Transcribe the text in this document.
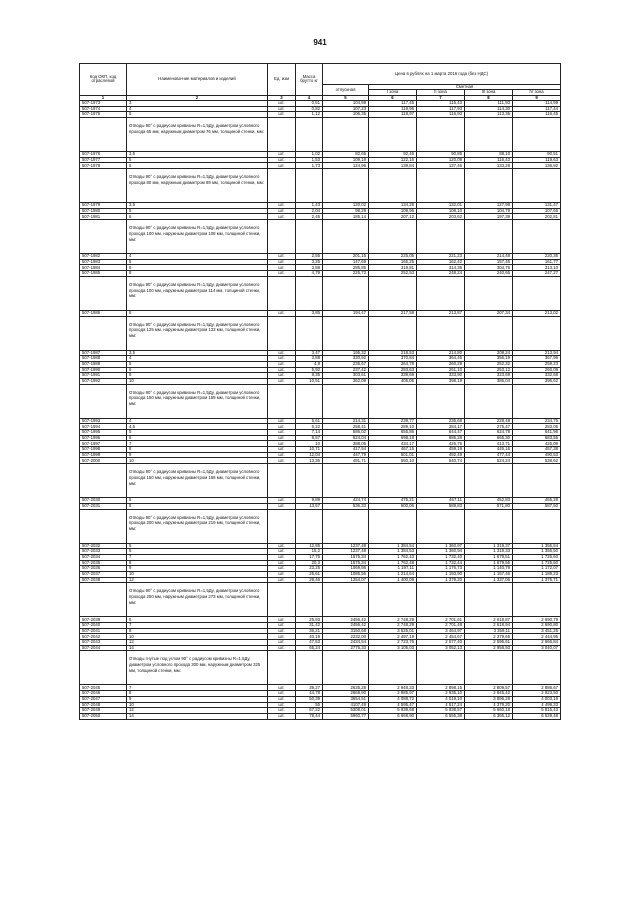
941
Код ОКП, код отраслевой	Наименова-ние материалов и изделий	Ед. изм	Масса брутто кг	Цена в рублях на 1 марта 2016 года (без НДС)				
				отпускная	Сметная			
					I зона	II зона	III зона	IV зона
1	2	3	4	5	6	7	8	9
507-1973	3	шт.	0,51	104,98	117,45	115,43	111,93	114,99
507-1974	4	шт.	0,82	107,23	119,96	117,93	114,30	117,44
507-1975	5	шт.	1,12	106,35	118,97	116,93	113,36	116,45
	Отводы 90° с радиусом кривизны R=1,5Ду, диаметром условного прохода 65 мм, наружным диаметром 76 мм, толщиной стенки, мм:							
507-1976	3,5	шт.	1,02	82,65	92,46	90,85	88,10	90,51
507-1977	5	шт.	1,53	109,19	122,16	120,09	116,43	119,63
507-1978	6	шт.	1,73	124,96	139,84	137,46	133,28	136,92
	Отводы 90° с радиусом кривизны R=1,5Ду, диаметром условного прохода 80 мм, наружным диаметром 89 мм, толщиной стенки, мм:							
507-1979	3,5	шт.	1,43	120,02	134,28	132,01	127,98	131,47
507-1980	5	шт.	2,04	98,29	109,96	108,10	104,79	107,66
507-1981	6	шт.	2,45	185,14	207,12	203,62	197,39	202,81
	Отводы 90° с радиусом кривизны R=1,5Ду, диаметром условного прохода 100 мм, наружным диаметром 108 мм, толщиной стенки, мм:							
507-1982	4	шт.	2,55	201,15	225,05	221,23	214,48	220,36
507-1983	5	шт.	3,26	147,69	165,25	162,42	157,45	161,77
507-1984	6	шт.	3,88	285,85	319,81	314,36	304,76	313,10
507-1985	8	шт.	4,79	225,73	252,53	248,24	240,65	247,27
	Отводы 90° с радиусом кривизны R=1,5Ду, диаметром условного прохода 100 мм, наружным диаметром 114 мм, толщиной стенки, мм:							
507-1986	6	шт.	3,85	194,47	217,58	213,87	207,34	213,02
	Отводы 90° с радиусом кривизны R=1,5Ду, диаметром условного прохода 125 мм, наружным диаметром 133 мм, толщиной стенки, мм:							
507-1987	3,5	шт.	3,47	195,32	218,53	214,80	208,24	213,94
507-1988	4	шт.	3,88	330,92	370,84	364,45	356,19	367,99
507-1989	5	шт.	4,9	236,67	264,78	260,29	252,32	259,23
507-1990	6	шт.	5,92	237,42	283,63	261,10	253,12	260,09
507-1991	8	шт.	8,35	303,61	339,69	333,90	323,69	332,68
507-1992	10	шт.	10,51	362,09	405,05	398,19	386,04	396,62
	Отводы 90° с радиусом кривизны R=1,5Ду, диаметром условного прохода 150 мм, наружным диаметром 159 мм, толщиной стенки, мм:							
507-1993	4	шт.	5,61	214,31	239,77	235,68	228,48	234,75
507-1994	4,5	шт.	6,22	258,41	289,10	284,17	275,47	283,05
507-1995	5	шт.	7,14	586,02	655,86	644,47	624,78	641,96
507-1996	6	шт.	8,57	624,04	698,18	686,28	665,30	683,55
507-1997	7	шт.	10	388,05	434,17	426,75	413,71	425,09
507-1998	8	шт.	10,71	417,54	467,15	459,19	445,16	457,38
507-1999	9	шт.	12,04	447,79	501,01	492,49	477,44	490,53
507-2000	10	шт.	13,36	491,71	550,10	540,74	524,24	538,62
	Отводы 90° с радиусом кривизны R=1,5Ду, диаметром условного прохода 150 мм, наружным диаметром 168 мм, толщиной стенки, мм:							
507-2030	6	шт.	9,89	424,74	475,21	467,11	452,83	465,28
507-2031	8	шт.	13,57	536,33	600,06	589,83	571,80	587,50
	Отводы 90° с радиусом кривизны R=1,5Ду, диаметром условного прохода 200 мм, наружным диаметром 219 мм, толщиной стенки, мм:							
507-2032	5	шт.	12,85	1237,48	1 384,54	1 360,97	1 319,37	1 355,54
507-2033	6	шт.	15,2	1237,48	1 384,53	1 360,94	1 319,33	1 355,50
507-2034	7	шт.	17,75	1575,34	1 762,43	1 732,40	1 679,51	1 725,60
507-2035	8	шт.	20,3	1575,34	1 762,48	1 732,44	1 679,55	1 725,60
507-2036	9	шт.	23,25	1069,86	1 197,11	1 176,73	1 140,79	1 172,07
507-2037	10	шт.	25,61	1085,56	1 214,64	1 193,90	1 157,46	1 189,23
507-2038	12	шт.	29,46	1254,07	1 400,09	1 379,20	1 337,06	1 375,71
	Отводы 90° с радиусом кривизны R=1,5Ду, диаметром условного прохода 250 мм, наружным диаметром 273 мм, толщиной стенки, мм:							
507-2039	6	шт.	25,93	2456,42	2 748,29	2 701,61	2 618,87	2 690,79
507-2040	7	шт.	31,42	2456,42	2 748,29	2 701,48	2 618,94	2 690,80
507-2041	8	шт.	36,21	3150,68	3 525,01	3 464,97	3 359,11	3 451,25
507-2042	10	шт.	40,19	2232,00	2 497,19	2 454,67	2 379,65	2 444,95
507-2043	12	шт.	47,53	2434,54	2 723,76	2 677,40	2 595,61	2 666,84
507-2044	14	шт.	65,24	2775,33	3 105,03	3 052,13	2 958,93	3 040,07
	Отводы гнутые под углом 90° с радиусом кривизны R=1,5Ду, диаметром условного прохода 300 мм, наружным диаметром 325 мм, толщиной стенки, мм:							
507-2045	7	шт.	39,27	2635,28	2 948,33	2 898,15	2 809,57	2 886,67
507-2046	8	шт.	44,78	2668,90	2 985,97	2 935,10	2 845,42	2 923,50
507-2047	9	шт.	50,39	3654,51	4 088,72	4 019,10	3 896,28	4 003,19
507-2048	10	шт.	55	4107,49	4 595,47	4 517,24	4 379,20	4 499,33
507-2049	12	шт.	67,22	5308,01	5 939,68	5 838,57	5 660,18	5 815,43
507-2050	14	шт.	78,44	5960,77	6 668,90	6 555,38	6 355,12	6 529,48
